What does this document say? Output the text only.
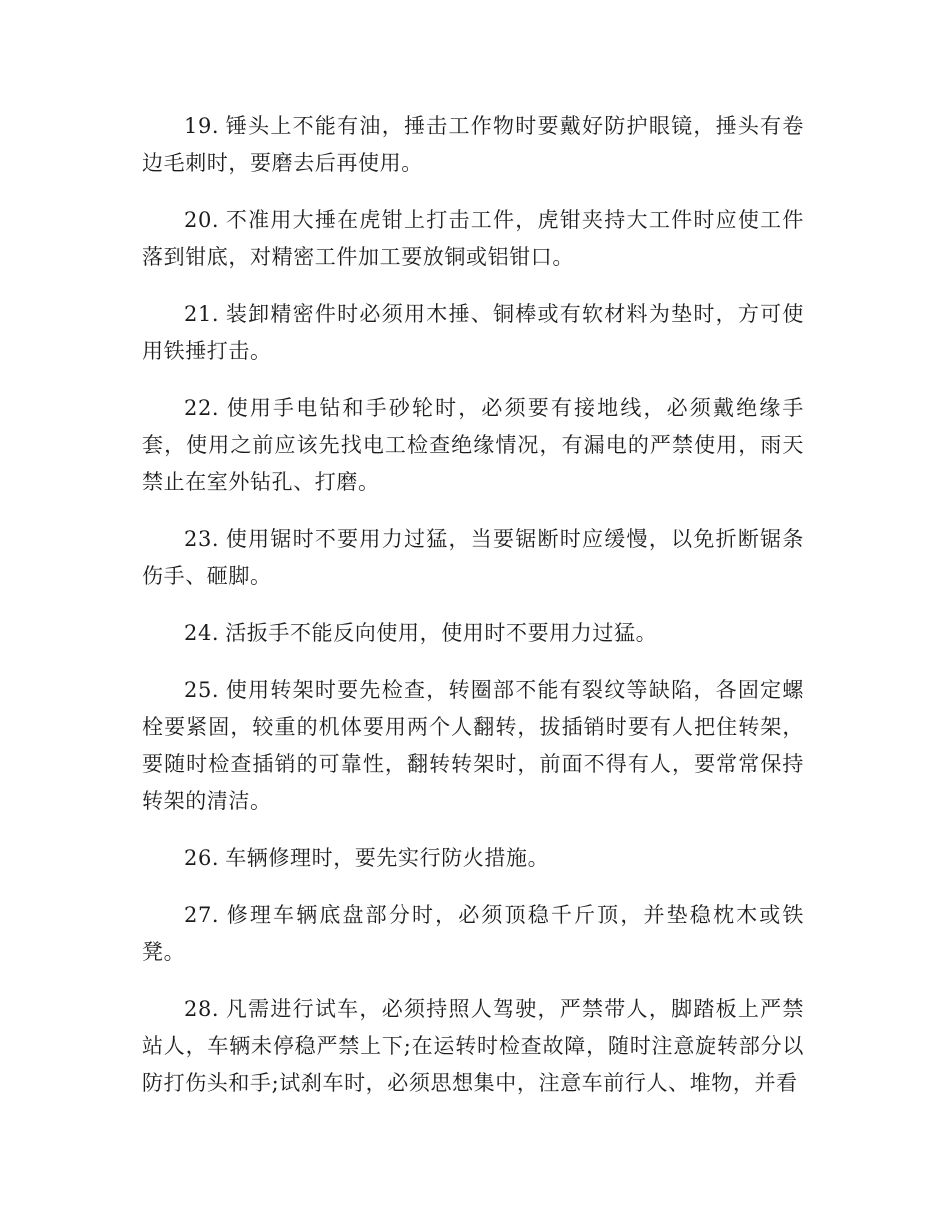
19. 锤头上不能有油，捶击工作物时要戴好防护眼镜，捶头有卷边毛刺时，要磨去后再使用。

20. 不准用大捶在虎钳上打击工件，虎钳夹持大工件时应使工件落到钳底，对精密工件加工要放铜或铝钳口。

21. 装卸精密件时必须用木捶、铜棒或有软材料为垫时，方可使用铁捶打击。

22. 使用手电钻和手砂轮时，必须要有接地线，必须戴绝缘手套，使用之前应该先找电工检查绝缘情况，有漏电的严禁使用，雨天禁止在室外钻孔、打磨。

23. 使用锯时不要用力过猛，当要锯断时应缓慢，以免折断锯条伤手、砸脚。

24. 活扳手不能反向使用，使用时不要用力过猛。

25. 使用转架时要先检查，转圈部不能有裂纹等缺陷，各固定螺栓要紧固，较重的机体要用两个人翻转，拔插销时要有人把住转架，要随时检查插销的可靠性，翻转转架时，前面不得有人，要常常保持转架的清洁。

26. 车辆修理时，要先实行防火措施。

27. 修理车辆底盘部分时，必须顶稳千斤顶，并垫稳枕木或铁凳。

28. 凡需进行试车，必须持照人驾驶，严禁带人，脚踏板上严禁站人，车辆未停稳严禁上下;在运转时检查故障，随时注意旋转部分以防打伤头和手;试刹车时，必须思想集中，注意车前行人、堆物，并看
